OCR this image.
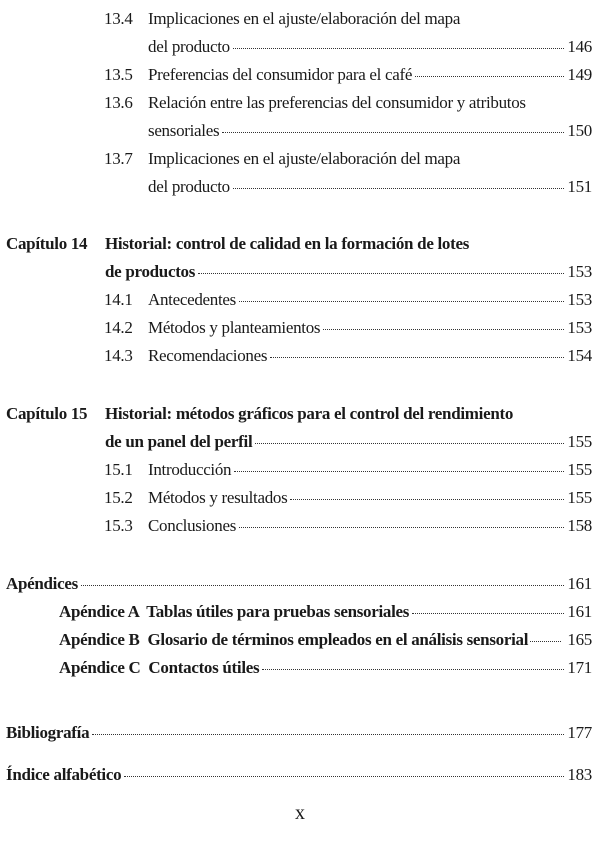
13.4 Implicaciones en el ajuste/elaboración del mapa
del producto	146
13.5 Preferencias del consumidor para el café	149
13.6 Relación entre las preferencias del consumidor y atributos
sensoriales	150
13.7 Implicaciones en el ajuste/elaboración del mapa
del producto	151
Capítulo 14	Historial: control de calidad en la formación de lotes
de productos	153
14.1 Antecedentes	153
14.2 Métodos y planteamientos	153
14.3 Recomendaciones	154
Capítulo 15	Historial: métodos gráficos para el control del rendimiento
de un panel del perfil	155
15.1 Introducción	155
15.2 Métodos y resultados	155
15.3 Conclusiones	158
Apéndices	161
Apéndice A  Tablas útiles para pruebas sensoriales	161
Apéndice B  Glosario de términos empleados en el análisis sensorial 165
Apéndice C  Contactos útiles	171
Bibliografía	177
Índice alfabético	183
x
